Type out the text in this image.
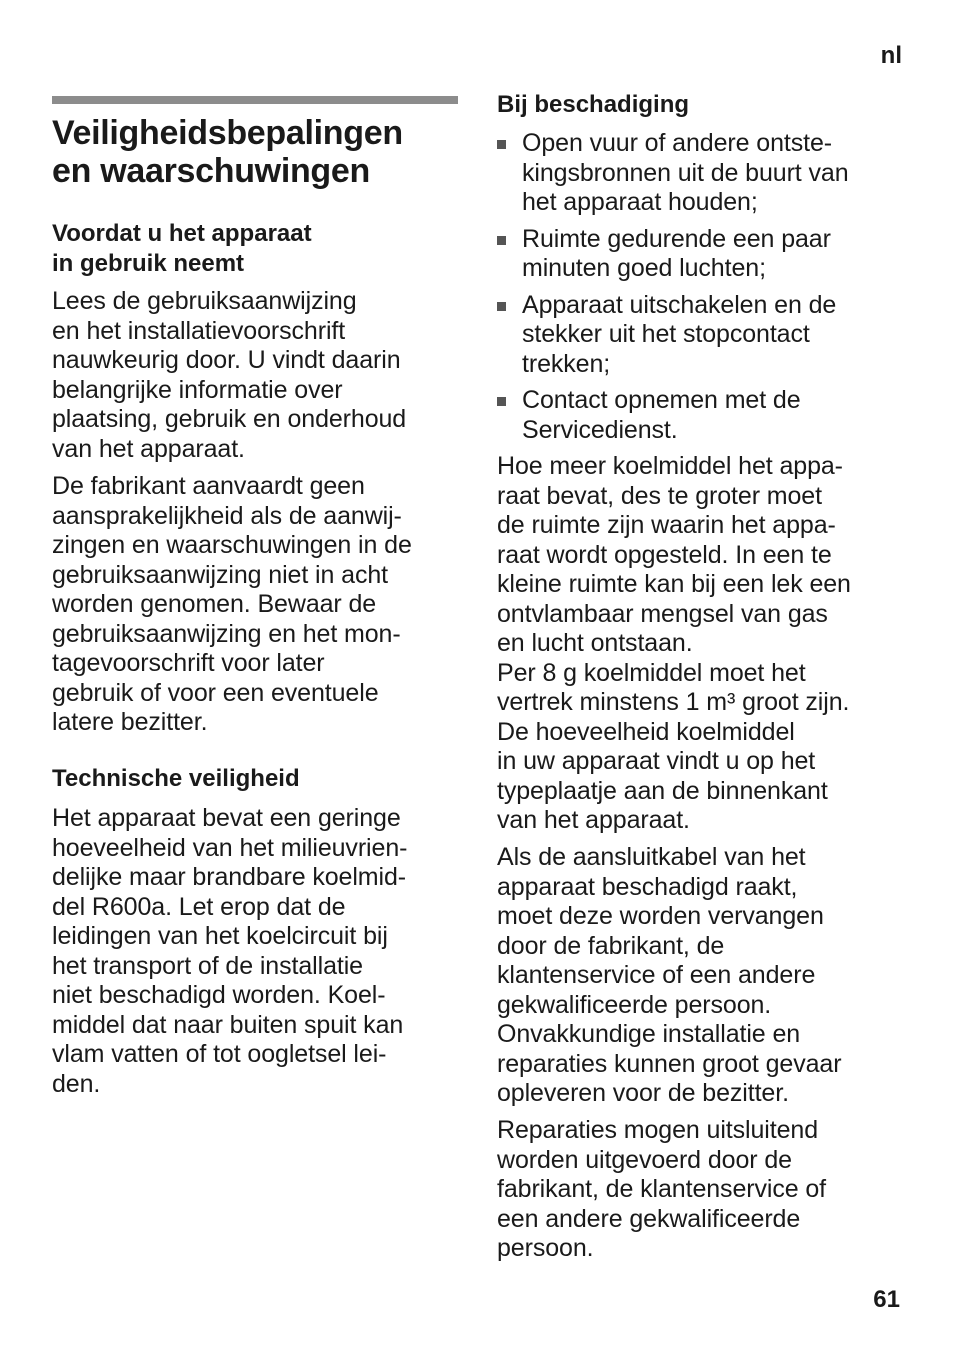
nl
Veiligheidsbepalingen
en waarschuwingen

Voordat u het apparaat

in gebruik neemt

Lees de gebruiksaanwijzing

en het installatievoorschrift

nauwkeurig door. U vindt daarin

belangrijke informatie over

plaatsing, gebruik en onderhoud

van het apparaat.

De fabrikant aanvaardt geen

aansprakelijkheid als de aanwij-

zingen en waarschuwingen in de

gebruiksaanwijzing niet in acht

worden genomen. Bewaar de

gebruiksaanwijzing en het mon-

tagevoorschrift voor later

gebruik of voor een eventuele

latere bezitter.

Technische veiligheid

Het apparaat bevat een geringe

hoeveelheid van het milieuvrien-

delijke maar brandbare koelmid-

del R600a. Let erop dat de

leidingen van het koelcircuit bij

het transport of de installatie

niet beschadigd worden. Koel-

middel dat naar buiten spuit kan

vlam vatten of tot oogletsel lei-

den.

Bij beschadiging

Open vuur of andere ontste-
kingsbronnen uit de buurt van
het apparaat houden;
Ruimte gedurende een paar
minuten goed luchten;
Apparaat uitschakelen en de
stekker uit het stopcontact
trekken;
Contact opnemen met de
Servicedienst.

Hoe meer koelmiddel het appa-

raat bevat, des te groter moet

de ruimte zijn waarin het appa-

raat wordt opgesteld. In een te

kleine ruimte kan bij een lek een

ontvlambaar mengsel van gas

en lucht ontstaan.

Per 8 g koelmiddel moet het

vertrek minstens 1 m³ groot zijn.

De hoeveelheid koelmiddel

in uw apparaat vindt u op het

typeplaatje aan de binnenkant

van het apparaat.

Als de aansluitkabel van het

apparaat beschadigd raakt,

moet deze worden vervangen

door de fabrikant, de

klantenservice of een andere

gekwalificeerde persoon.

Onvakkundige installatie en

reparaties kunnen groot gevaar

opleveren voor de bezitter.

Reparaties mogen uitsluitend

worden uitgevoerd door de

fabrikant, de klantenservice of

een andere gekwalificeerde

persoon.

61
